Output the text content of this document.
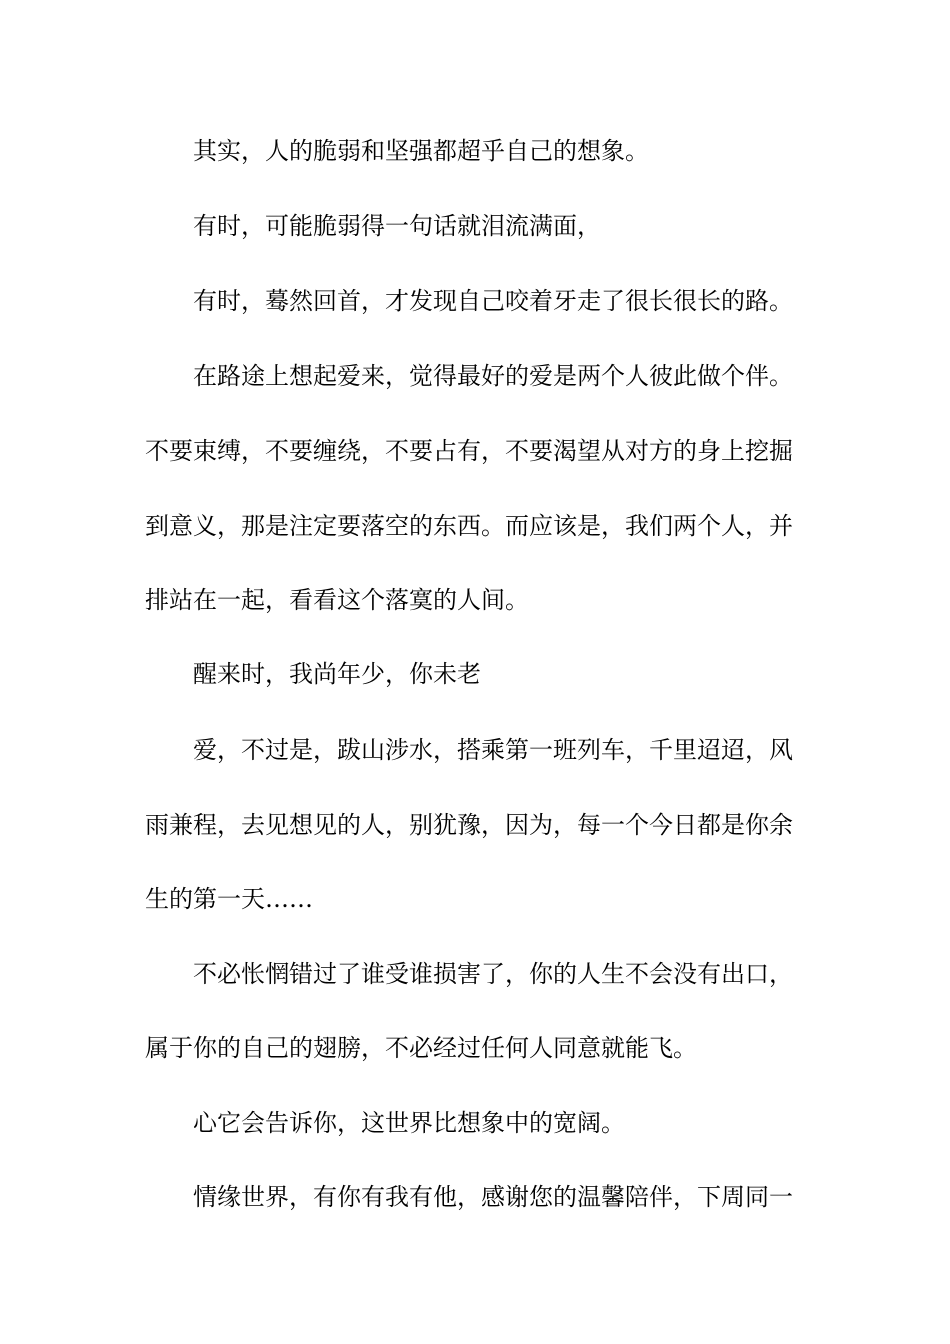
其实，人的脆弱和坚强都超乎自己的想象。
有时，可能脆弱得一句话就泪流满面，
有时，蓦然回首，才发现自己咬着牙走了很长很长的路。
在路途上想起爱来，觉得最好的爱是两个人彼此做个伴。
不要束缚，不要缠绕，不要占有，不要渴望从对方的身上挖掘
到意义，那是注定要落空的东西。而应该是，我们两个人，并
排站在一起，看看这个落寞的人间。
醒来时，我尚年少，你未老
爱，不过是，跋山涉水，搭乘第一班列车，千里迢迢，风
雨兼程，去见想见的人，别犹豫，因为，每一个今日都是你余
生的第一天……
不必怅惘错过了谁受谁损害了，你的人生不会没有出口，
属于你的自己的翅膀，不必经过任何人同意就能飞。
心它会告诉你，这世界比想象中的宽阔。
情缘世界，有你有我有他，感谢您的温馨陪伴，下周同一
